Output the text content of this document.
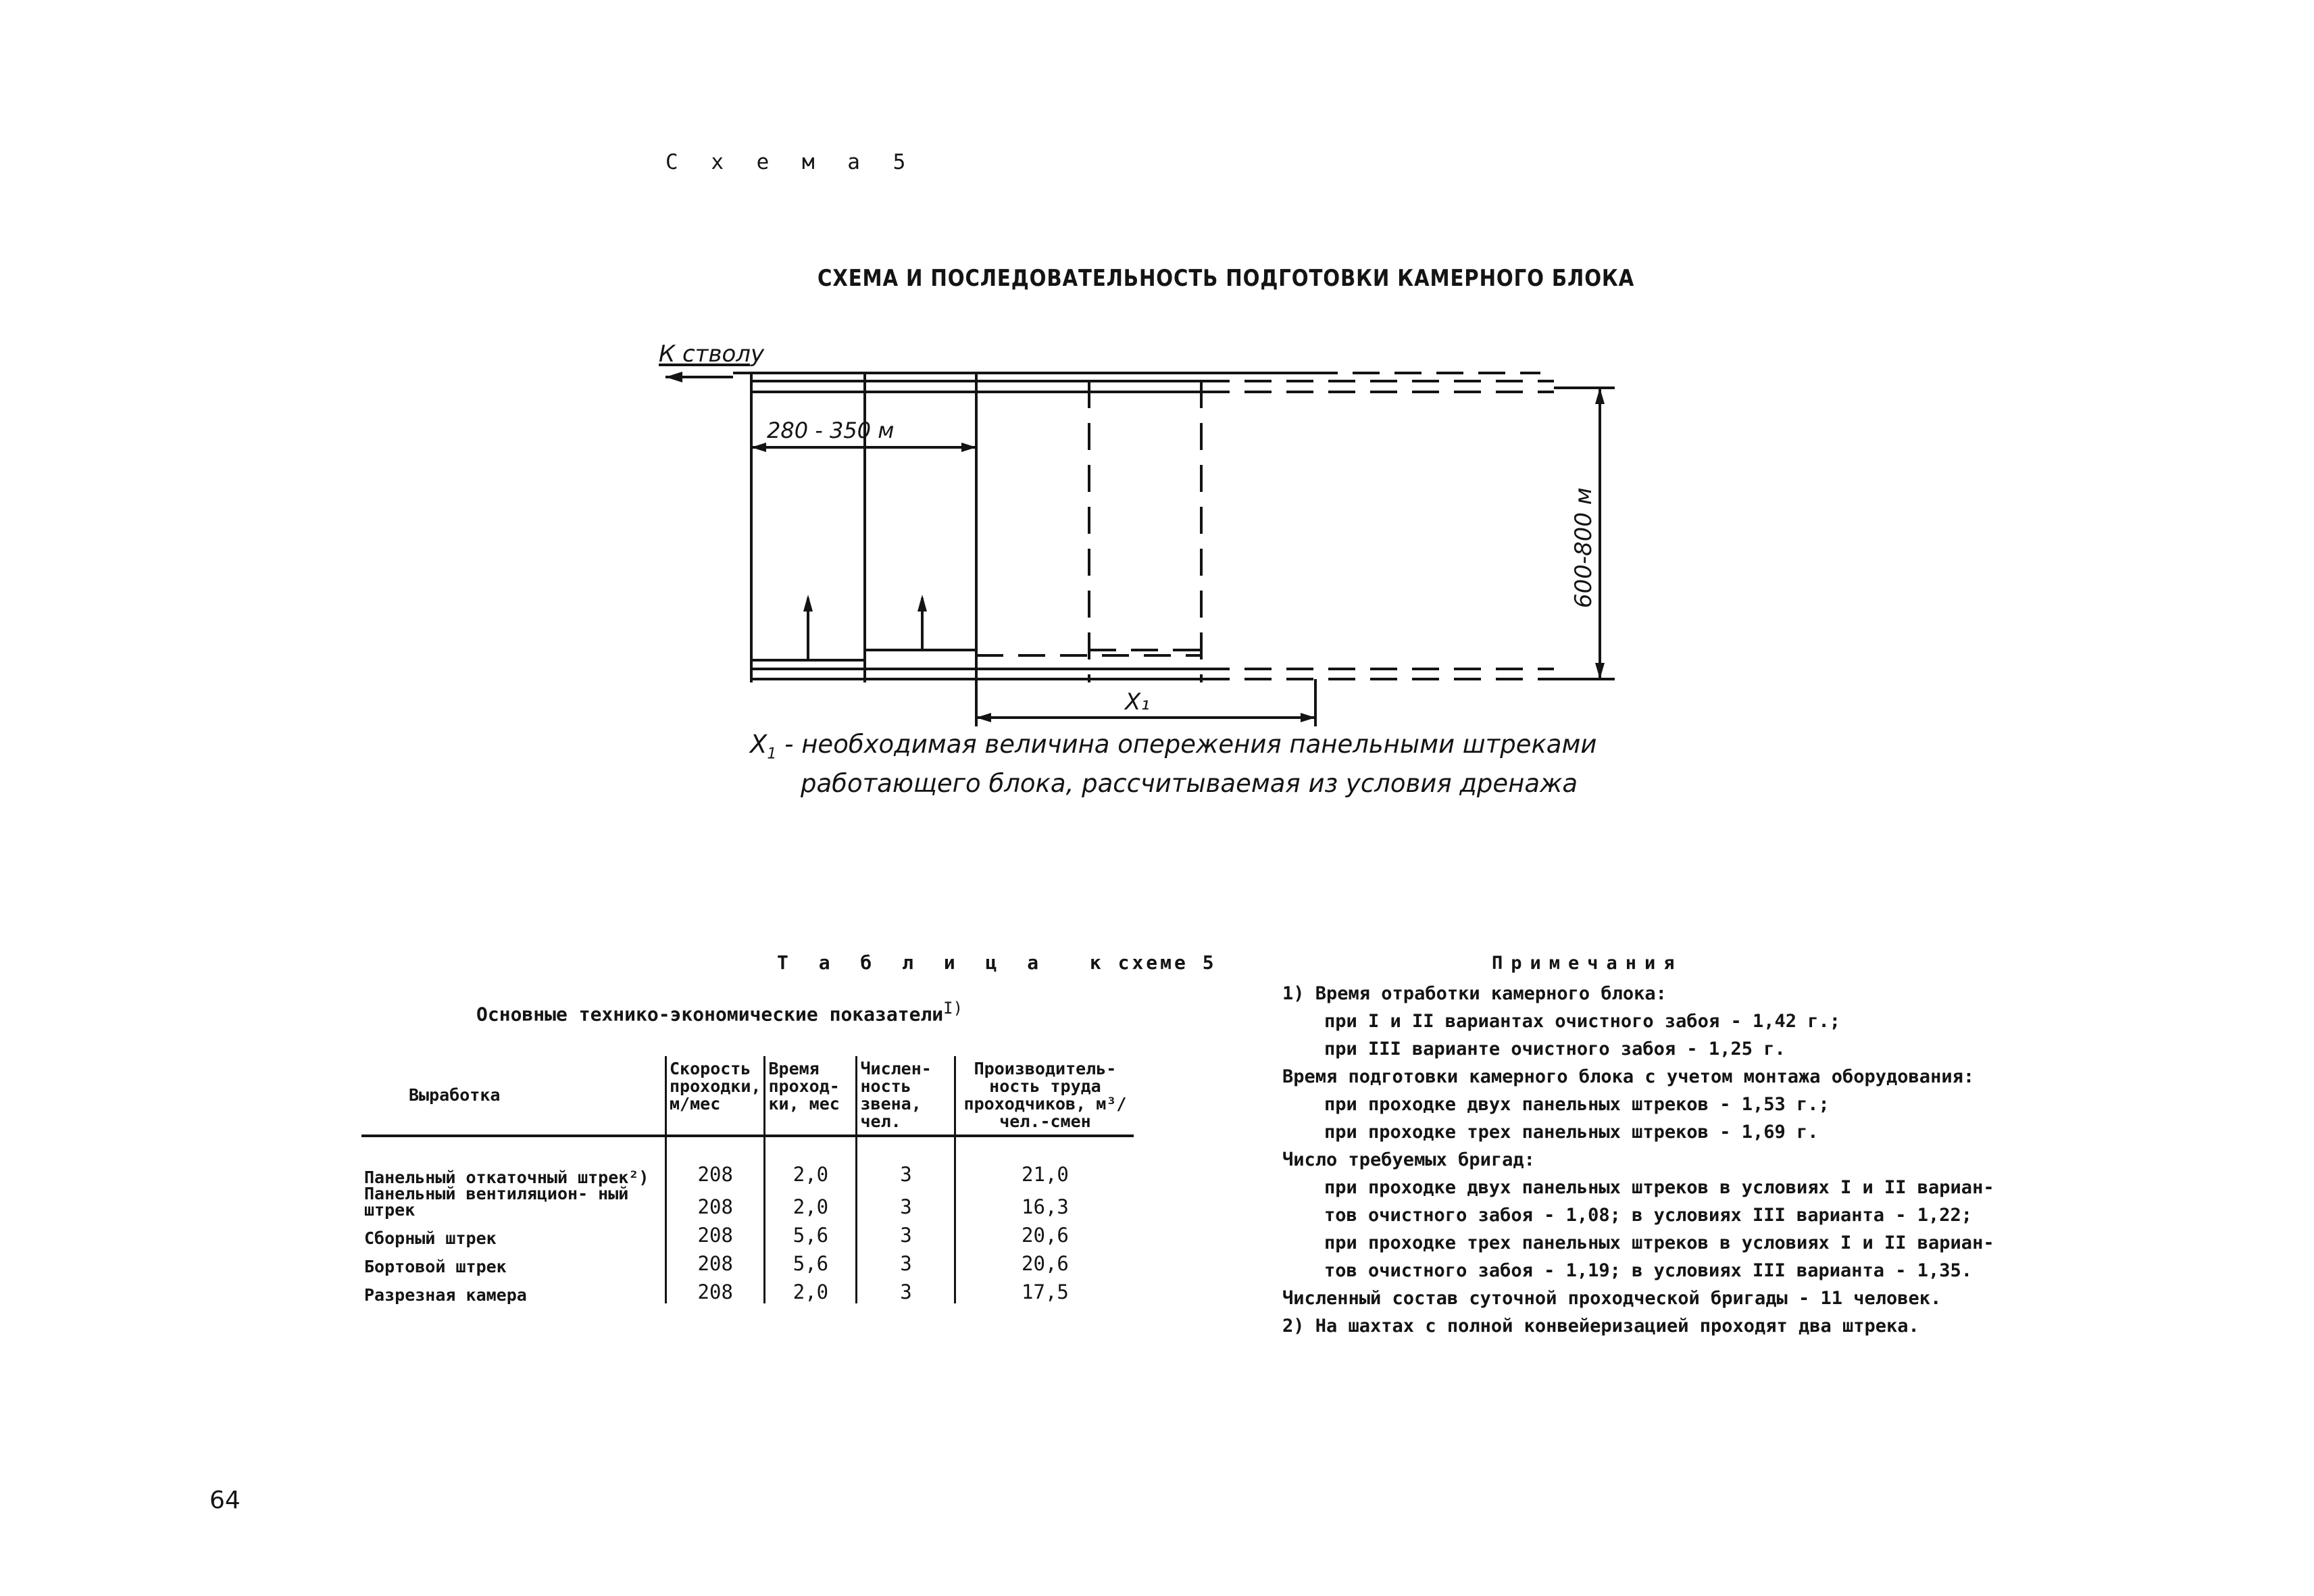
С х е м а 5
СХЕМА И ПОСЛЕДОВАТЕЛЬНОСТЬ ПОДГОТОВКИ КАМЕРНОГО БЛОКА
К стволу
280 - 350 м
600-800 м
X₁
$X_1$ - необходимая величина опережения панельными штреками
работающего блока, рассчитываемая из условия дренажа
Т а б л и ц а к схеме 5
Основные технико-экономические показатели$^{I)}$
Выработка	Скорость проходки, м/мес	Время проход- ки, мес	Числен- ность звена, чел.	Производитель- ность труда проходчиков, м³/чел.-смен
Панельный откаточный штрек²)	208	2,0	3	21,0
Панельный вентиляцион- ный штрек	208	2,0	3	16,3
Сборный штрек	208	5,6	3	20,6
Бортовой штрек	208	5,6	3	20,6
Разрезная камера	208	2,0	3	17,5
Примечания
1) Время отработки камерного блока:
при I и II вариантах очистного забоя - 1,42 г.;
при III варианте очистного забоя - 1,25 г.
Время подготовки камерного блока с учетом монтажа оборудования:
при проходке двух панельных штреков - 1,53 г.;
при проходке трех панельных штреков - 1,69 г.
Число требуемых бригад:
при проходке двух панельных штреков в условиях I и II вариан-
тов очистного забоя - 1,08; в условиях III варианта - 1,22;
при проходке трех панельных штреков в условиях I и II вариан-
тов очистного забоя - 1,19; в условиях III варианта - 1,35.
Численный состав суточной проходческой бригады - 11 человек.
2) На шахтах с полной конвейеризацией проходят два штрека.
64
